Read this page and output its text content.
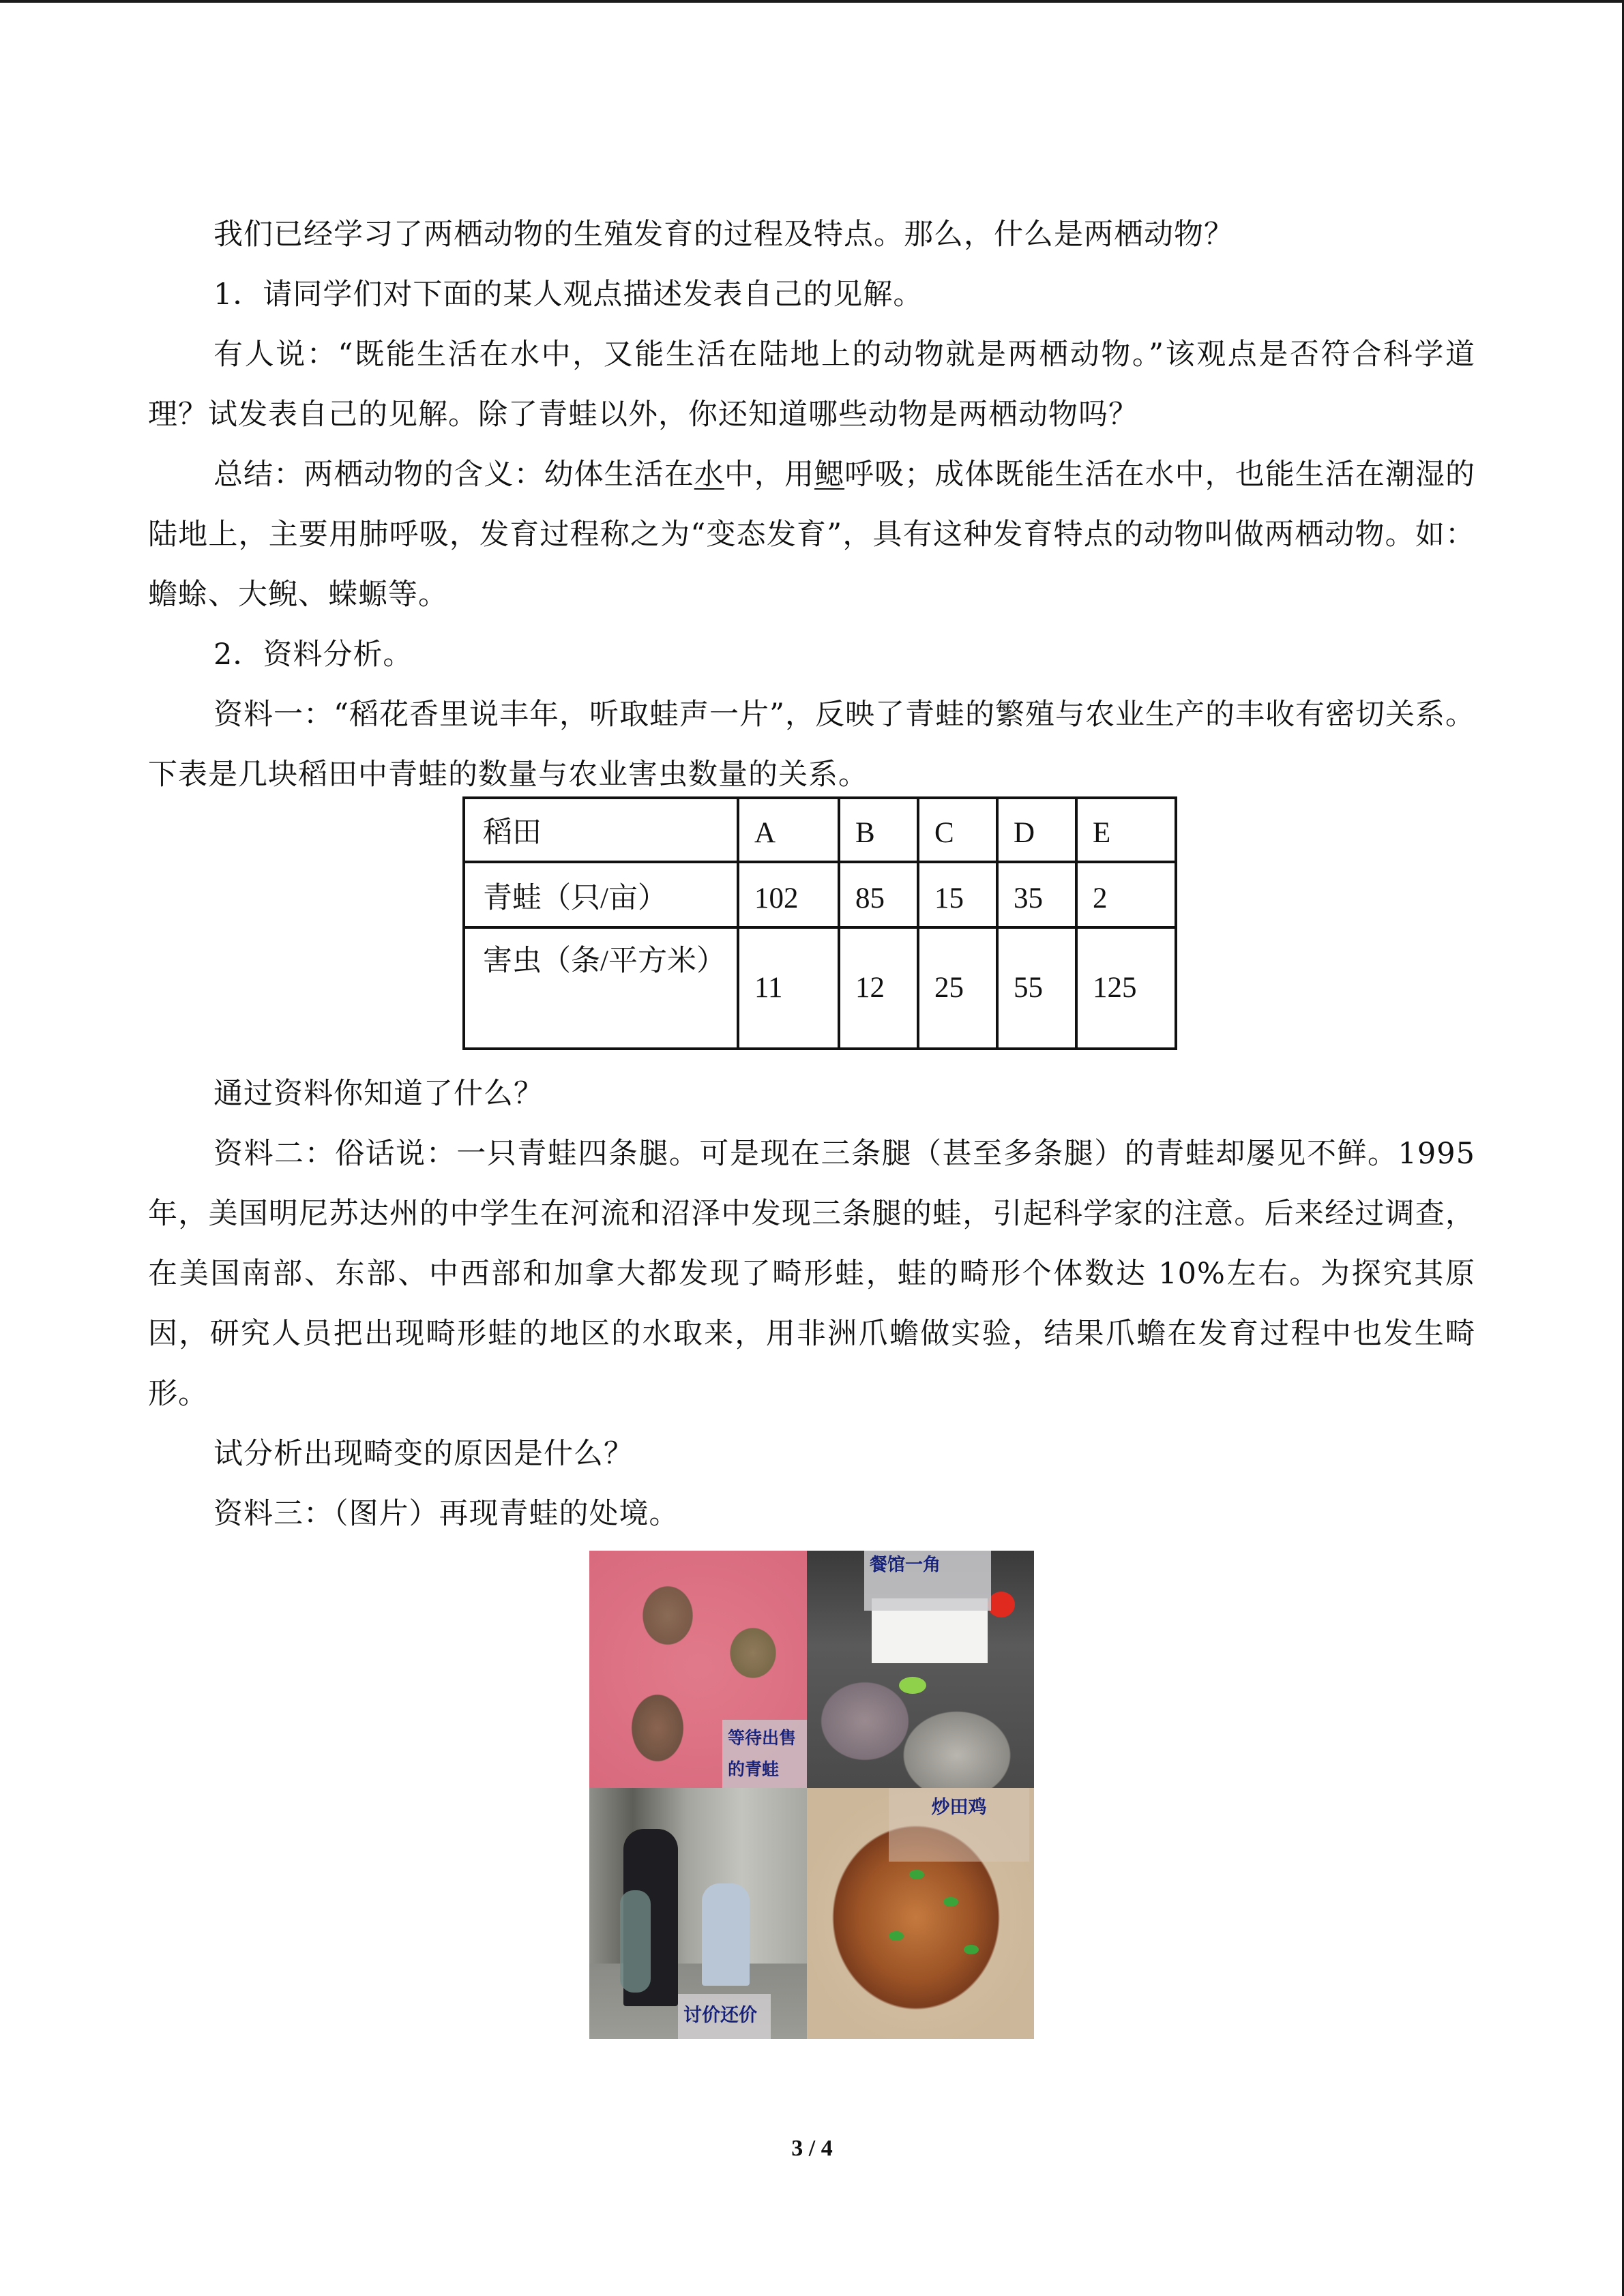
我们已经学习了两栖动物的生殖发育的过程及特点。那么，什么是两栖动物？

1．请同学们对下面的某人观点描述发表自己的见解。

有人说：“既能生活在水中，又能生活在陆地上的动物就是两栖动物。”该观点是否符合科学道理？试发表自己的见解。除了青蛙以外，你还知道哪些动物是两栖动物吗？

总结：两栖动物的含义：幼体生活在水中，用鳃呼吸；成体既能生活在水中，也能生活在潮湿的陆地上，主要用肺呼吸，发育过程称之为“变态发育”，具有这种发育特点的动物叫做两栖动物。如：蟾蜍、大鲵、蝾螈等。

2．资料分析。

资料一：“稻花香里说丰年，听取蛙声一片”，反映了青蛙的繁殖与农业生产的丰收有密切关系。下表是几块稻田中青蛙的数量与农业害虫数量的关系。

稻田	A	B	C	D	E
青蛙（只/亩）	102	85	15	35	2
害虫（条/平方米）	11	12	25	55	125

通过资料你知道了什么？

资料二：俗话说：一只青蛙四条腿。可是现在三条腿（甚至多条腿）的青蛙却屡见不鲜。1995 年，美国明尼苏达州的中学生在河流和沼泽中发现三条腿的蛙，引起科学家的注意。后来经过调查，在美国南部、东部、中西部和加拿大都发现了畸形蛙，蛙的畸形个体数达 10%左右。为探究其原因，研究人员把出现畸形蛙的地区的水取来，用非洲爪蟾做实验，结果爪蟾在发育过程中也发生畸形。

试分析出现畸变的原因是什么？

资料三：（图片）再现青蛙的处境。

等待出售的青蛙
餐馆一角
讨价还价
炒田鸡
3 / 4
